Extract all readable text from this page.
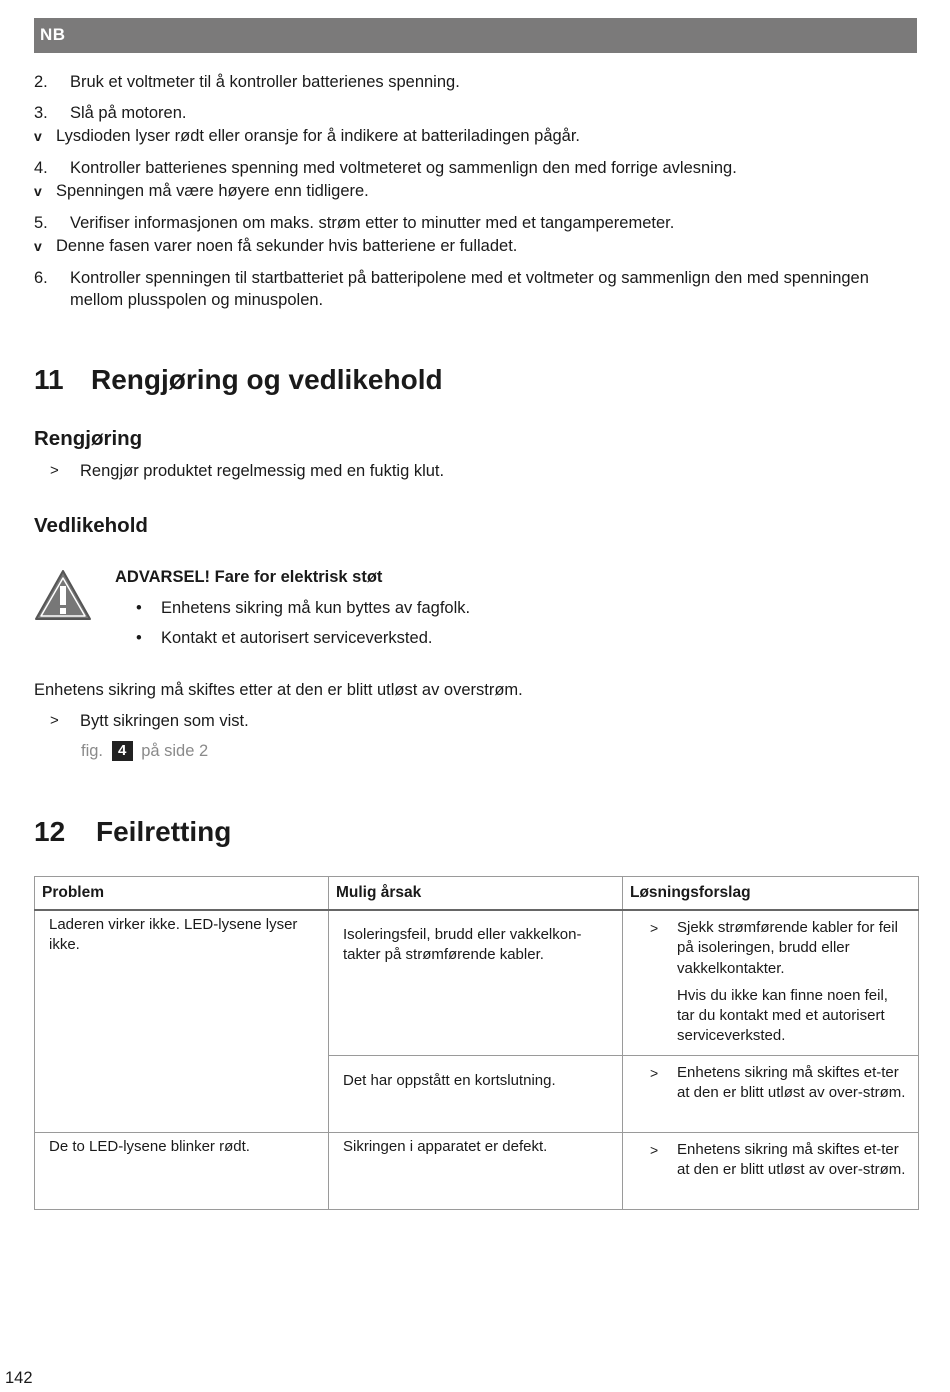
NB
2. Bruk et voltmeter til å kontroller batterienes spenning.
3. Slå på motoren.
v Lysdioden lyser rødt eller oransje for å indikere at batteriladingen pågår.
4. Kontroller batterienes spenning med voltmeteret og sammenlign den med forrige avlesning.
v Spenningen må være høyere enn tidligere.
5. Verifiser informasjonen om maks. strøm etter to minutter med et tangamperemeter.
v Denne fasen varer noen få sekunder hvis batteriene er fulladet.
6. Kontroller spenningen til startbatteriet på batteripolene med et voltmeter og sammenlign den med spenningen mellom plusspolen og minuspolen.
11 Rengjøring og vedlikehold
Rengjøring
> Rengjør produktet regelmessig med en fuktig klut.
Vedlikehold
ADVARSEL! Fare for elektrisk støt
• Enhetens sikring må kun byttes av fagfolk.
• Kontakt et autorisert serviceverksted.
Enhetens sikring må skiftes etter at den er blitt utløst av overstrøm.
> Bytt sikringen som vist.
fig. 4 på side 2
12 Feilretting
Problem	Mulig årsak	Løsningsforslag

Laderen virker ikke. LED-lysene lyser ikke.	Isoleringsfeil, brudd eller vakkelkon-takter på strømførende kabler.	> Sjekk strømførende kabler for feil på isoleringen, brudd eller vakkelkontakter.
Hvis du ikke kan finne noen feil, tar du kontakt med et autorisert serviceverksted.

	Det har oppstått en kortslutning.	> Enhetens sikring må skiftes et-ter at den er blitt utløst av over-strøm.

De to LED-lysene blinker rødt.	Sikringen i apparatet er defekt.	> Enhetens sikring må skiftes et-ter at den er blitt utløst av over-strøm.
142
